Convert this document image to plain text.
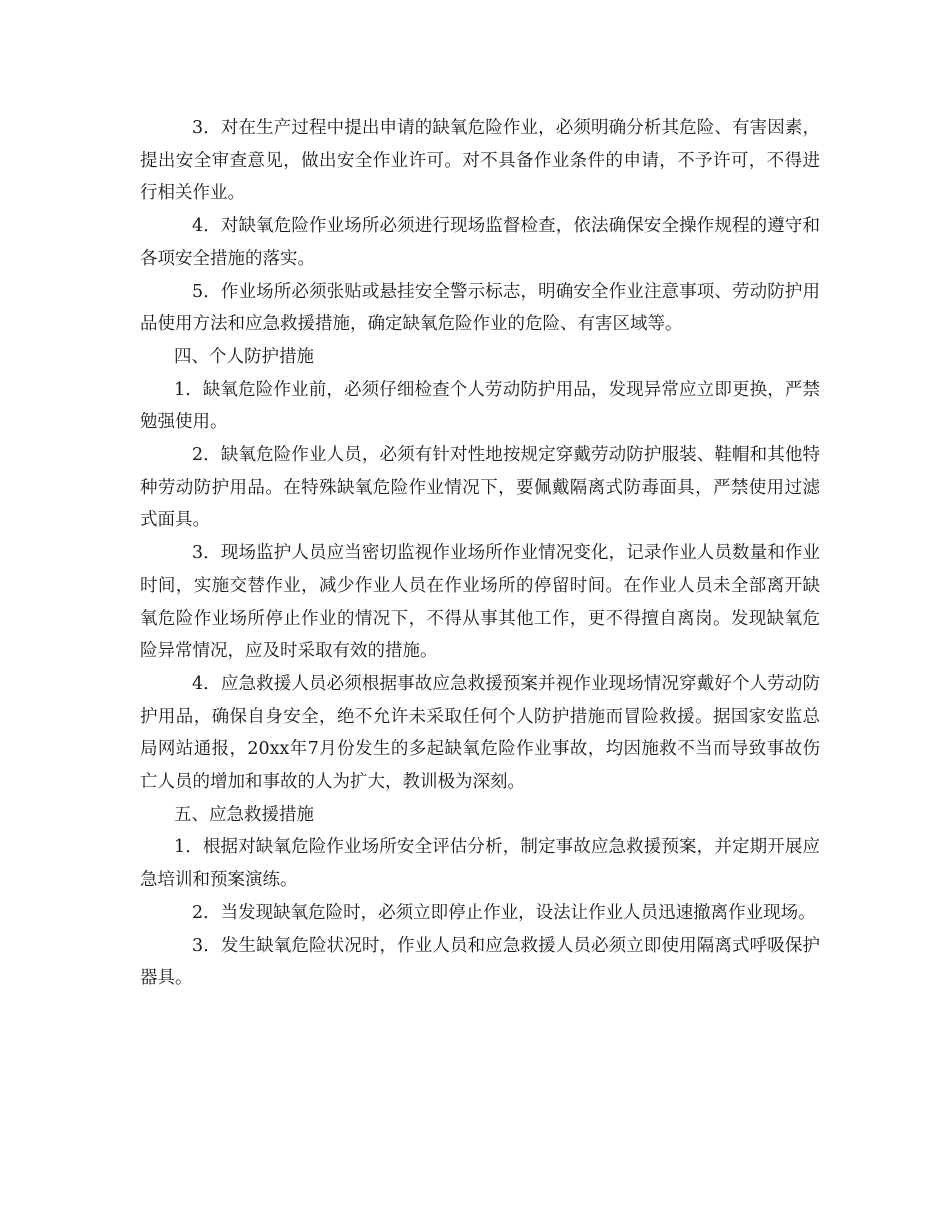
3．对在生产过程中提出申请的缺氧危险作业，必须明确分析其危险、有害因素，提出安全审查意见，做出安全作业许可。对不具备作业条件的申请，不予许可，不得进行相关作业。

4．对缺氧危险作业场所必须进行现场监督检查，依法确保安全操作规程的遵守和各项安全措施的落实。

5．作业场所必须张贴或悬挂安全警示标志，明确安全作业注意事项、劳动防护用品使用方法和应急救援措施，确定缺氧危险作业的危险、有害区域等。

四、个人防护措施

1．缺氧危险作业前，必须仔细检查个人劳动防护用品，发现异常应立即更换，严禁勉强使用。

2．缺氧危险作业人员，必须有针对性地按规定穿戴劳动防护服装、鞋帽和其他特种劳动防护用品。在特殊缺氧危险作业情况下，要佩戴隔离式防毒面具，严禁使用过滤式面具。

3．现场监护人员应当密切监视作业场所作业情况变化，记录作业人员数量和作业时间，实施交替作业，减少作业人员在作业场所的停留时间。在作业人员未全部离开缺氧危险作业场所停止作业的情况下，不得从事其他工作，更不得擅自离岗。发现缺氧危险异常情况，应及时采取有效的措施。

4．应急救援人员必须根据事故应急救援预案并视作业现场情况穿戴好个人劳动防护用品，确保自身安全，绝不允许未采取任何个人防护措施而冒险救援。据国家安监总局网站通报，20xx年7月份发生的多起缺氧危险作业事故，均因施救不当而导致事故伤亡人员的增加和事故的人为扩大，教训极为深刻。

五、应急救援措施

1．根据对缺氧危险作业场所安全评估分析，制定事故应急救援预案，并定期开展应急培训和预案演练。

2．当发现缺氧危险时，必须立即停止作业，设法让作业人员迅速撤离作业现场。

3．发生缺氧危险状况时，作业人员和应急救援人员必须立即使用隔离式呼吸保护器具。
